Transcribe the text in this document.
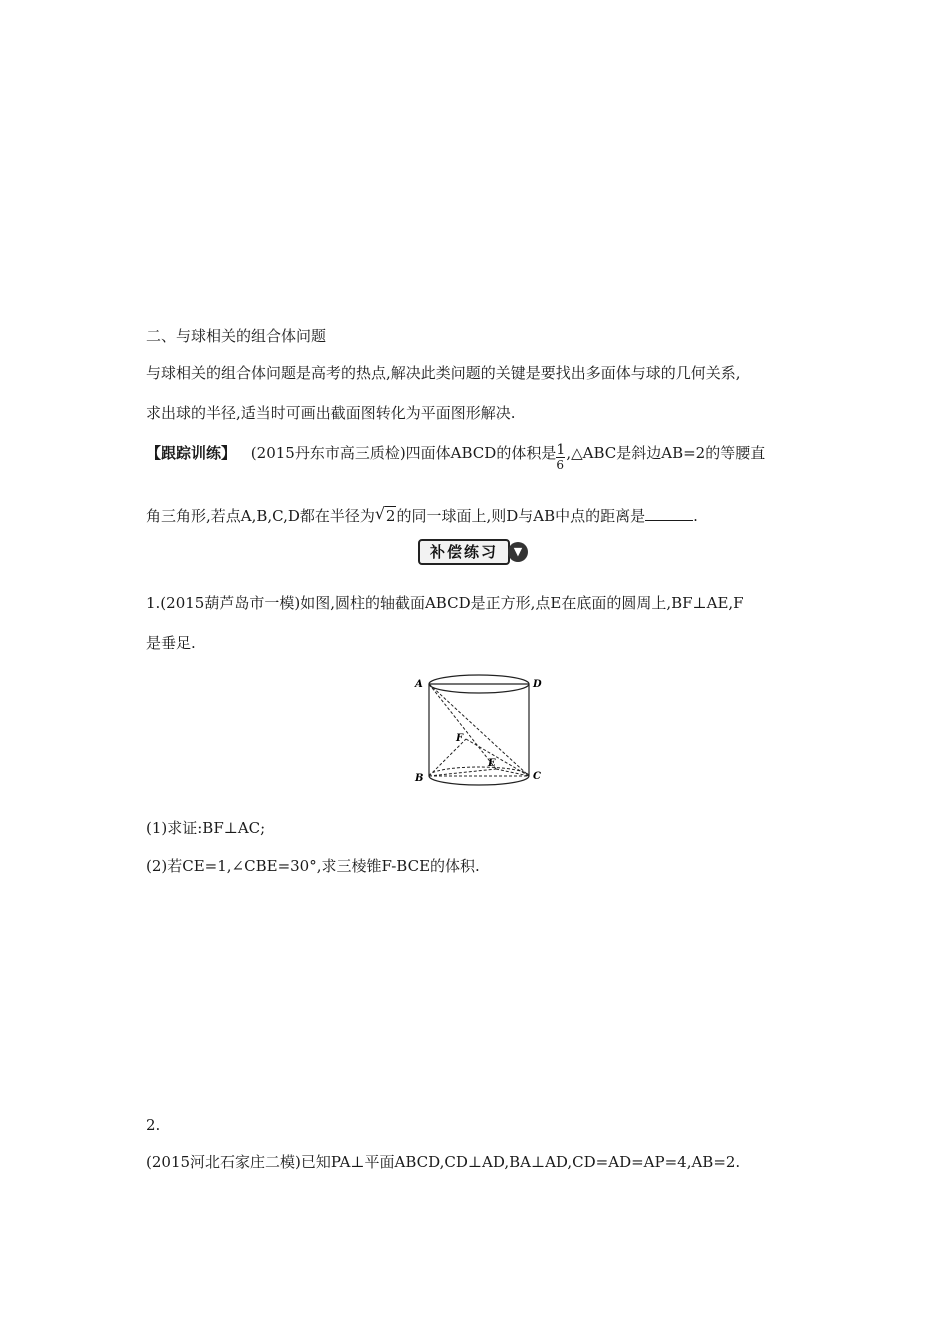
二、与球相关的组合体问题
与球相关的组合体问题是高考的热点,解决此类问题的关键是要找出多面体与球的几何关系,
求出球的半径,适当时可画出截面图转化为平面图形解决.
【跟踪训练】 (2015丹东市高三质检)四面体ABCD的体积是 $\frac{1}{6}$ ,△ABC是斜边AB=2的等腰直
角三角形,若点A,B,C,D都在半径为 √ 2的同一球面上,则D与AB中点的距离是	.
补偿练习	▼
1.(2015葫芦岛市一模)如图,圆柱的轴截面ABCD是正方形,点E在底面的圆周上,BF⊥AE,F
是垂足.
A	D
F
E
B	C
(1)求证:BF⊥AC;
(2)若CE=1,∠CBE=30°,求三棱锥F-BCE的体积.
2.
(2015河北石家庄二模)已知PA⊥平面ABCD,CD⊥AD,BA⊥AD,CD=AD=AP=4,AB=2.
